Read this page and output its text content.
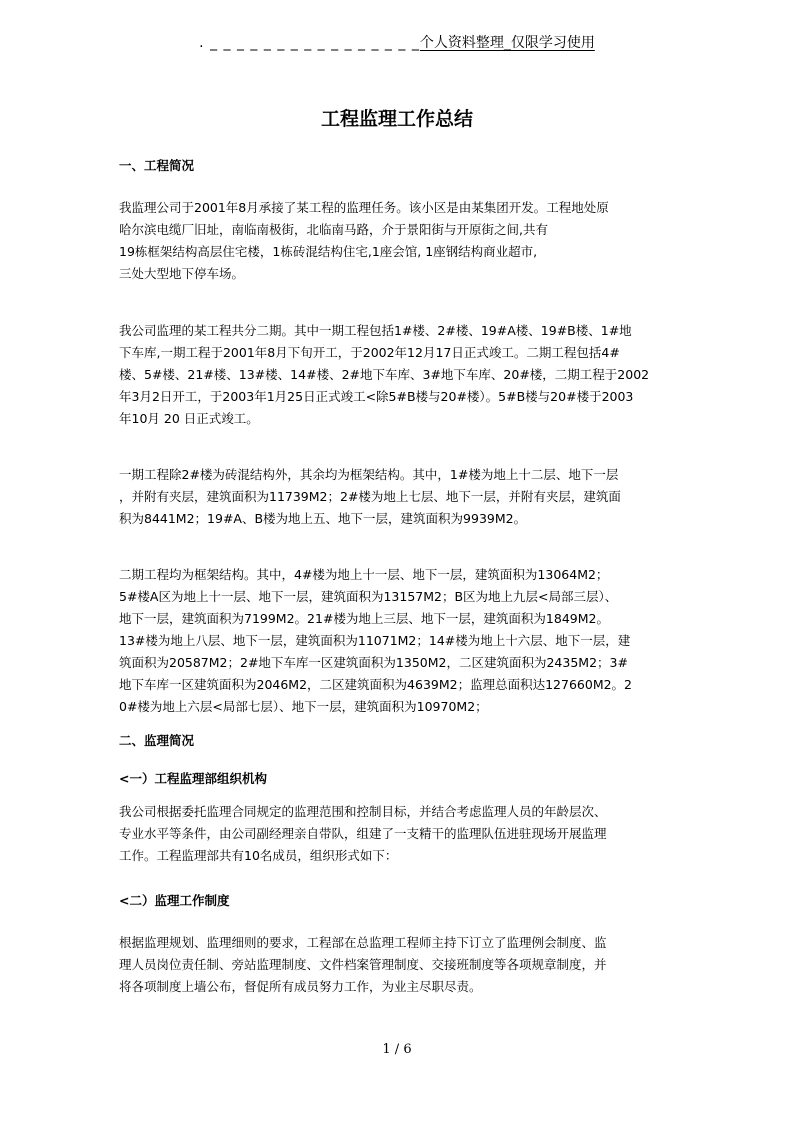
. _ _ _ _ _ _ _ _ _ _ _ _ _ _ _ _个人资料整理_仅限学习使用
工程监理工作总结
一、工程简况
我监理公司于2001年8月承接了某工程的监理任务。该小区是由某集团开发。工程地处原
哈尔滨电缆厂旧址，南临南极街，北临南马路，介于景阳街与开原街之间,共有
19栋框架结构高层住宅楼，1栋砖混结构住宅,1座会馆, 1座钢结构商业超市,
三处大型地下停车场。
我公司监理的某工程共分二期。其中一期工程包括1#楼、2#楼、19#A楼、19#B楼、1#地
下车库,一期工程于2001年8月下旬开工，于2002年12月17日正式竣工。二期工程包括4#
楼、5#楼、21#楼、13#楼、14#楼、2#地下车库、3#地下车库、20#楼，二期工程于2002
年3月2日开工，于2003年1月25日正式竣工<除5#B楼与20#楼）。5#B楼与20#楼于2003
年10月 20 日正式竣工。
一期工程除2#楼为砖混结构外，其余均为框架结构。其中，1#楼为地上十二层、地下一层
，并附有夹层，建筑面积为11739M2；2#楼为地上七层、地下一层，并附有夹层，建筑面
积为8441M2；19#A、B楼为地上五、地下一层，建筑面积为9939M2。
二期工程均为框架结构。其中，4#楼为地上十一层、地下一层，建筑面积为13064M2；
5#楼A区为地上十一层、地下一层，建筑面积为13157M2；B区为地上九层<局部三层）、
地下一层，建筑面积为7199M2。21#楼为地上三层、地下一层，建筑面积为1849M2。
13#楼为地上八层、地下一层，建筑面积为11071M2；14#楼为地上十六层、地下一层，建
筑面积为20587M2；2#地下车库一区建筑面积为1350M2，二区建筑面积为2435M2；3#
地下车库一区建筑面积为2046M2，二区建筑面积为4639M2；监理总面积达127660M2。2
0#楼为地上六层<局部七层）、地下一层，建筑面积为10970M2；
二、监理简况
<一）工程监理部组织机构
我公司根据委托监理合同规定的监理范围和控制目标，并结合考虑监理人员的年龄层次、
专业水平等条件，由公司副经理亲自带队，组建了一支精干的监理队伍进驻现场开展监理
工作。工程监理部共有10名成员，组织形式如下：
<二）监理工作制度
根据监理规划、监理细则的要求，工程部在总监理工程师主持下订立了监理例会制度、监
理人员岗位责任制、旁站监理制度、文件档案管理制度、交接班制度等各项规章制度，并
将各项制度上墙公布，督促所有成员努力工作，为业主尽职尽责。
1 / 6
